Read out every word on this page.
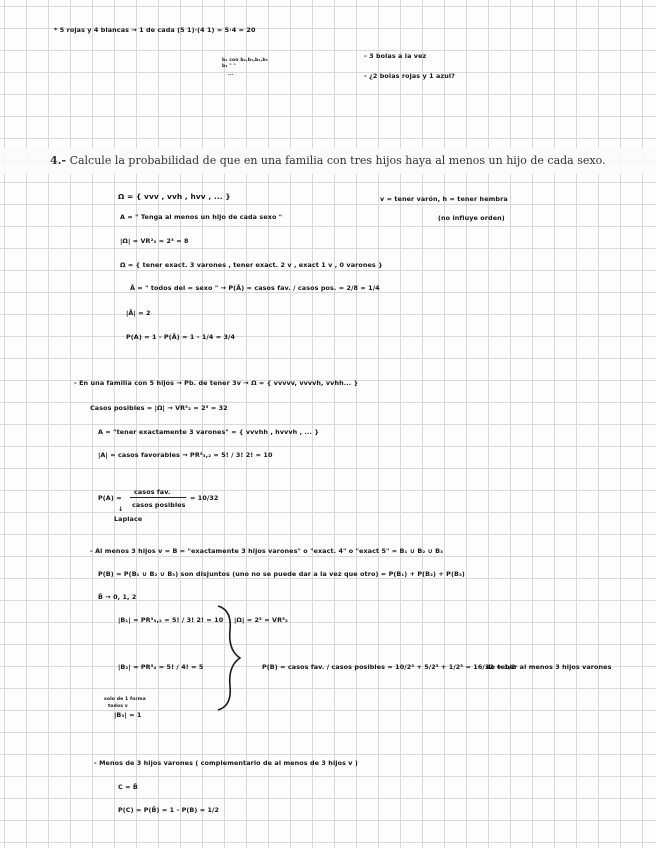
* 5 rojas y 4 blancas → 1 de cada (5 1)·(4 1) = 5·4 = 20
b₁ con b₂,b₃,b₄,b₅
b₂ " "
...
- 3 bolas a la vez
- ¿2 bolas rojas y 1 azul?
4.- Calcule la probabilidad de que en una familia con tres hijos haya al menos un hijo de cada sexo.
Ω = { vvv , vvh , hvv , ... }	v = tener varón, h = tener hembra
(no influye orden)
A = " Tenga al menos un hijo de cada sexo "
|Ω| = VR²₃ = 2³ = 8
Ω = { tener exact. 3 varones , tener exact. 2 v , exact 1 v , 0 varones }
Ā = " todos del = sexo " → P(Ā) = casos fav. / casos pos. = 2/8 = 1/4
|Ā| = 2
P(A) = 1 - P(Ā) = 1 - 1/4 = 3/4
- En una familia con 5 hijos → Pb. de tener 3v → Ω = { vvvvv, vvvvh, vvhh... }
Casos posibles = |Ω| → VR⁵₂ = 2⁵ = 32
A = "tener exactamente 3 varones" = { vvvhh , hvvvh , ... }
|A| = casos favorables → PR⁵₃,₂ = 5! / 3! 2! = 10
P(A) =
casos fav.
casos posibles
= 10/32
↓
Laplace
- Al menos 3 hijos v = B = "exactamente 3 hijos varones" o "exact. 4" o "exact 5" = B₁ ∪ B₂ ∪ B₃
P(B) = P(B₁ ∪ B₂ ∪ B₃) son disjuntos (uno no se puede dar a la vez que otro) = P(B₁) + P(B₂) + P(B₃)
B̄ → 0, 1, 2
|B₁| = PR⁵₃,₂ = 5! / 3! 2! = 10 |Ω| = 2⁵ = VR⁵₂
|B₂| = PR⁵₄ = 5! / 4! = 5	P(B) = casos fav. / casos posibles = 10/2⁵ + 5/2⁵ + 1/2⁵ = 16/32 = 1/2
de tener al menos 3 hijos varones
solo de 1 forma
todos v
|B₃| = 1
- Menos de 3 hijos varones ( complementario de al menos de 3 hijos v )
C = B̄
P(C) = P(B̄) = 1 - P(B) = 1/2
